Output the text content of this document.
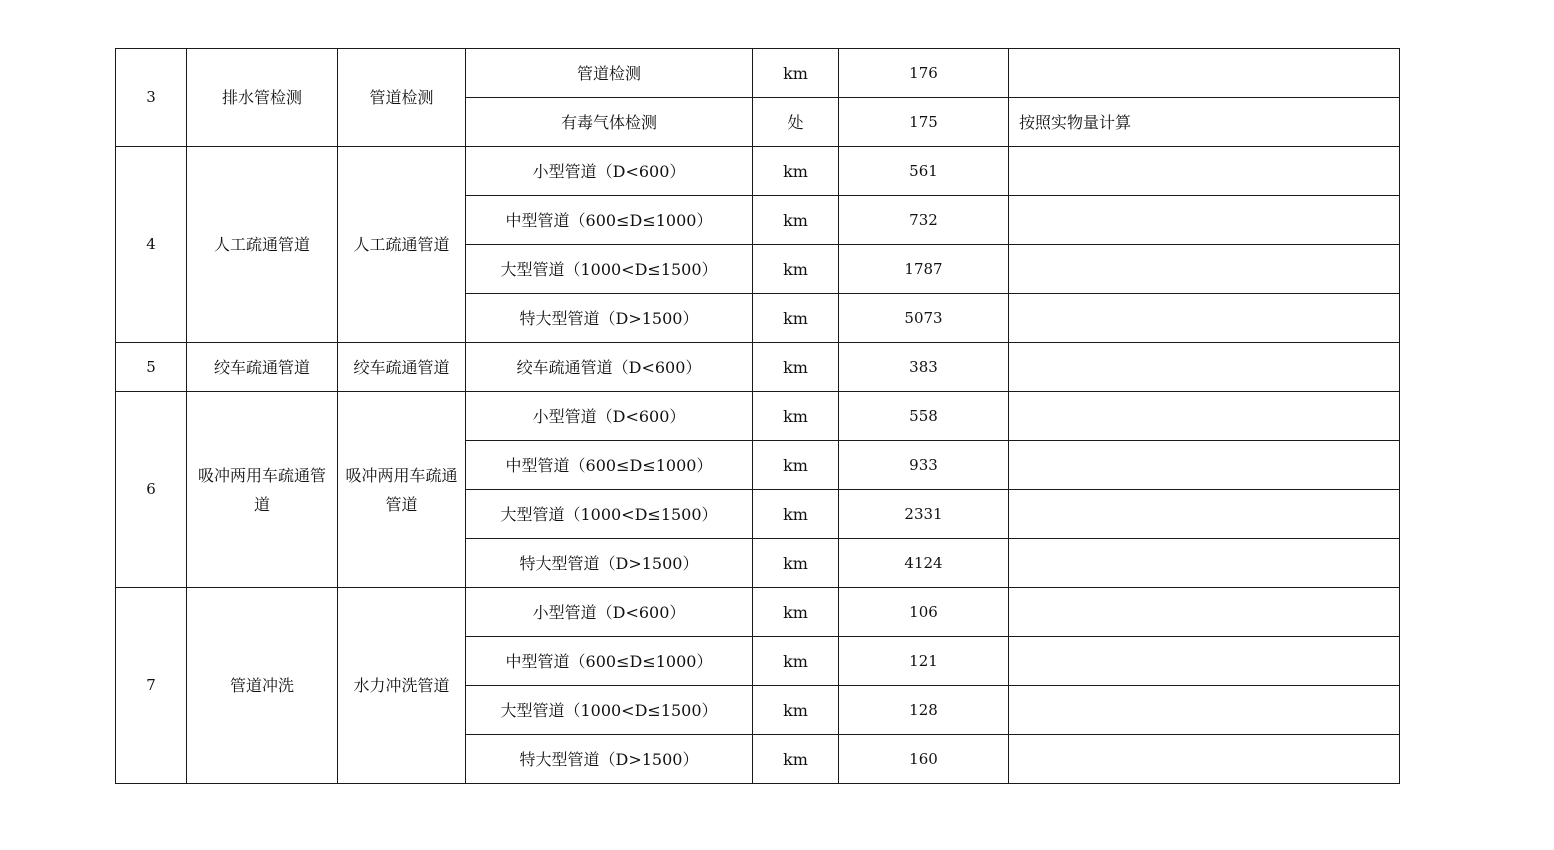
3	排水管检测	管道检测	管道检测	km	176	
			有毒气体检测	处	175	按照实物量计算
4	人工疏通管道	人工疏通管道	小型管道（D<600）	km	561	
			中型管道（600≤D≤1000）	km	732	
			大型管道（1000<D≤1500）	km	1787	
			特大型管道（D>1500）	km	5073	
5	绞车疏通管道	绞车疏通管道	绞车疏通管道（D<600）	km	383	
6	吸冲两用车疏通管道	吸冲两用车疏通管道	小型管道（D<600）	km	558	
			中型管道（600≤D≤1000）	km	933	
			大型管道（1000<D≤1500）	km	2331	
			特大型管道（D>1500）	km	4124	
7	管道冲洗	水力冲洗管道	小型管道（D<600）	km	106	
			中型管道（600≤D≤1000）	km	121	
			大型管道（1000<D≤1500）	km	128	
			特大型管道（D>1500）	km	160	
